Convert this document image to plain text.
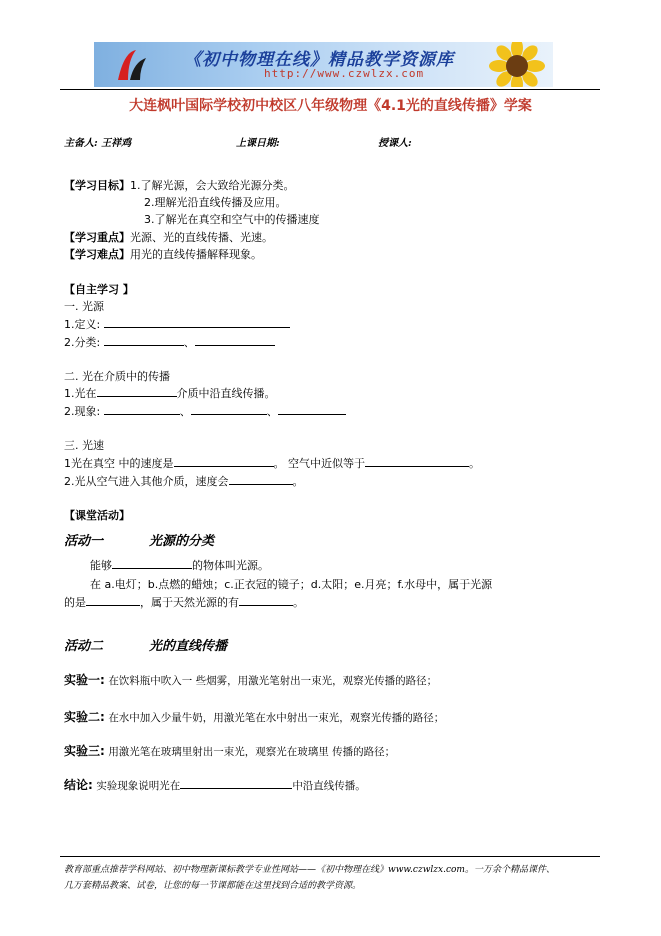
《初中物理在线》精品教学资源库
http://www.czwlzx.com
大连枫叶国际学校初中校区八年级物理《4.1光的直线传播》学案
主备人: 王祥鸡	上课日期:	授课人:
【学习目标】1.了解光源，会大致给光源分类。
2.理解光沿直线传播及应用。
3.了解光在真空和空气中的传播速度
【学习重点】光源、光的直线传播、光速。
【学习难点】用光的直线传播解释现象。
【自主学习 】
一. 光源
1.定义:
2.分类:	、
二. 光在介质中的传播
1.光在	介质中沿直线传播。
2.现象:	、	、
三. 光速
1光在真空 中的速度是	。 空气中近似等于	。
2.光从空气进入其他介质，速度会	。
【课堂活动】
活动一	光源的分类
能够	的物体叫光源。
在 a.电灯；b.点燃的蜡烛；c.正衣冠的镜子；d.太阳；e.月亮；f.水母中，属于光源
的是	，属于天然光源的有	。
活动二	光的直线传播
实验一: 在饮料瓶中吹入一 些烟雾，用激光笔射出一束光，观察光传播的路径；
实验二: 在水中加入少量牛奶，用激光笔在水中射出一束光，观察光传播的路径；
实验三: 用激光笔在玻璃里射出一束光，观察光在玻璃里 传播的路径；
结论: 实验现象说明光在	中沿直线传播。
教育部重点推荐学科网站、初中物理新课标教学专业性网站——《初中物理在线》www.czwlzx.com。一万余个精品课件、
几万套精品教案、试卷，让您的每一节课都能在这里找到合适的教学资源。
